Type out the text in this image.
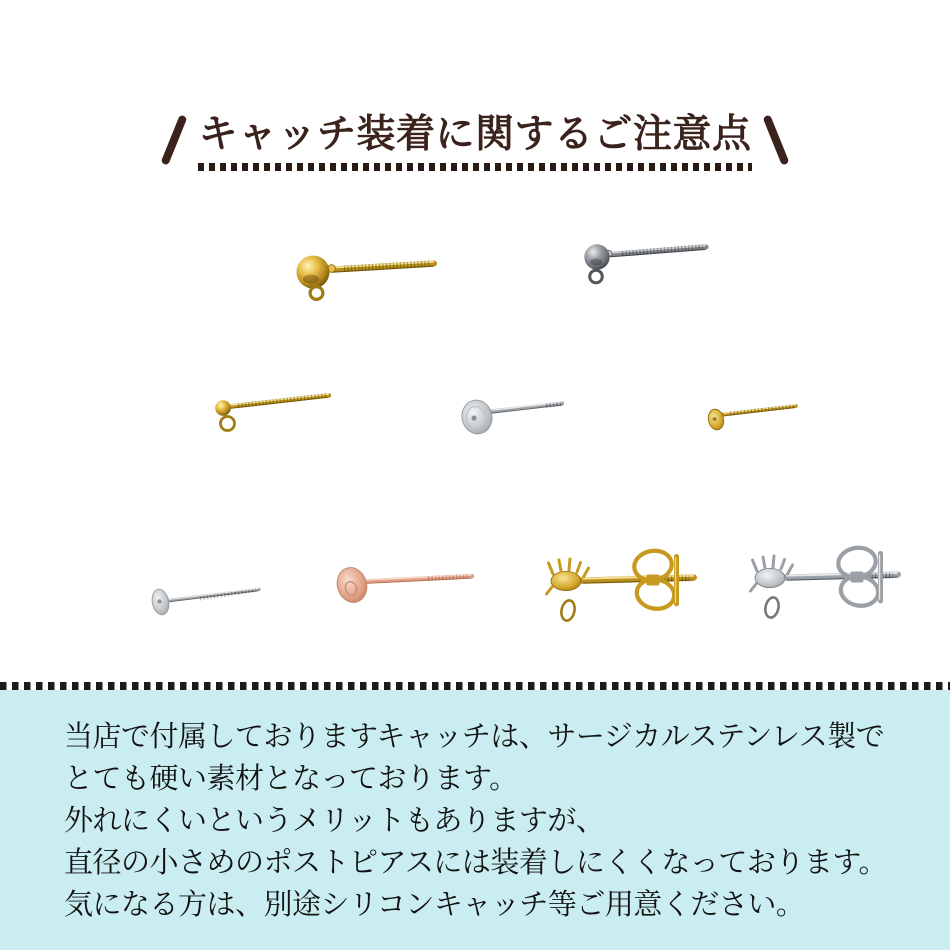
キャッチ装着に関するご注意点

当店で付属しておりますキャッチは、サージカルステンレス製で

とても硬い素材となっております。

外れにくいというメリットもありますが、

直径の小さめのポストピアスには装着しにくくなっております。

気になる方は、別途シリコンキャッチ等ご用意ください。
